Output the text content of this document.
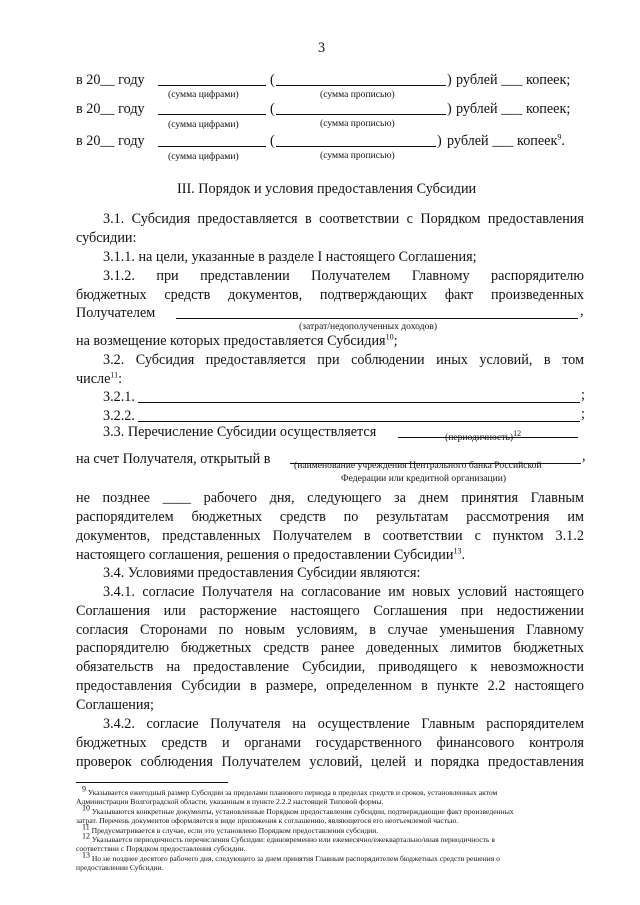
3
в 20__ году	(	) рублей ___ копеек;
(сумма цифрами)	(сумма прописью)
в 20__ году	(	) рублей ___ копеек;
(сумма цифрами)	(сумма прописью)
в 20__ году	(	) рублей ___ копеек$^9$.
(сумма цифрами)	(сумма прописью)
III. Порядок и условия предоставления Субсидии
3.1. Субсидия предоставляется в соответствии с Порядком предоставления
субсидии:
3.1.1. на цели, указанные в разделе I настоящего Соглашения;
3.1.2. при представлении Получателем Главному распорядителю
бюджетных средств документов, подтверждающих факт произведенных
Получателем	,
(затрат/недополученных доходов)
на возмещение которых предоставляется Субсидия$^{10}$;
3.2. Субсидия предоставляется при соблюдении иных условий, в том
числе$^{11}$:
3.2.1.	;
3.2.2.	;
3.3. Перечисление Субсидии осуществляется	(периодичность)$^{12}$
на счет Получателя, открытый в	,
(наименование учреждения Центрального банка Российской
Федерации или кредитной организации)
не позднее ____ рабочего дня, следующего за днем принятия Главным
распорядителем бюджетных средств по результатам рассмотрения им
документов, представленных Получателем в соответствии с пунктом 3.1.2
настоящего соглашения, решения о предоставлении Субсидии$^{13}$.
3.4. Условиями предоставления Субсидии являются:
3.4.1. согласие Получателя на согласование им новых условий настоящего
Соглашения или расторжение настоящего Соглашения при недостижении
согласия Сторонами по новым условиям, в случае уменьшения Главному
распорядителю бюджетных средств ранее доведенных лимитов бюджетных
обязательств на предоставление Субсидии, приводящего к невозможности
предоставления Субсидии в размере, определенном в пункте 2.2 настоящего
Соглашения;
3.4.2. согласие Получателя на осуществление Главным распорядителем
бюджетных средств и органами государственного финансового контроля
проверок соблюдения Получателем условий, целей и порядка предоставления
$^9$ Указывается ежегодный размер Субсидии за пределами планового периода в пределах средств и сроков, установленных актом
Администрации Волгоградской области, указанным в пункте 2.2.2 настоящей Типовой формы.
$^{10}$ Указываются конкретные документы, установленные Порядком предоставления субсидии, подтверждающие факт произведенных
затрат. Перечень документов оформляется в виде приложения к соглашению, являющегося его неотъемлемой частью.
$^{11}$ Предусматривается в случае, если это установлено Порядком предоставления субсидии.
$^{12}$ Указывается периодичность перечисления Субсидии: единовременно или ежемесячно/ежеквартально/иная периодичность в
соответствии с Порядком предоставления субсидии.
$^{13}$ Но не позднее десятого рабочего дня, следующего за днем принятия Главным распорядителем бюджетных средств решения о
предоставлении Субсидии.
